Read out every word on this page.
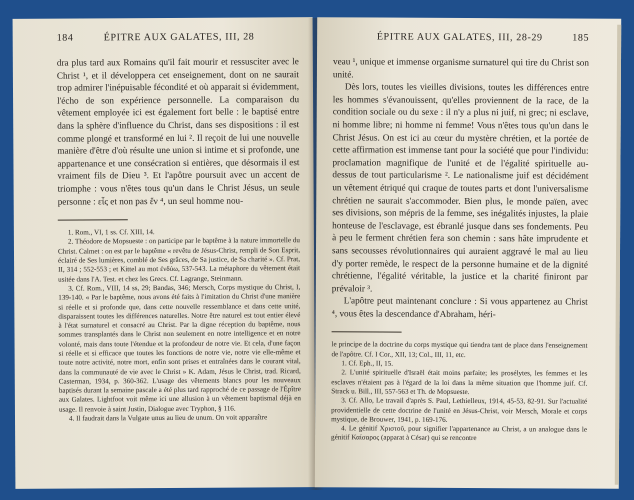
184	ÉPITRE AUX GALATES, III, 28

dra plus tard aux Romains qu'il fait mourir et ressusciter avec le Christ ¹, et il développera cet enseignement, dont on ne saurait trop admirer l'inépuisable fécondité et où apparait si évidemment, l'écho de son expérience personnelle. La comparaison du vêtement employée ici est également fort belle : le baptisé entre dans la sphère d'influence du Christ, dans ses dispositions : il est comme plongé et transformé en lui ². Il reçoit de lui une nouvelle manière d'être d'où résulte une union si intime et si profonde, une appartenance et une consécration si entières, que désormais il est vraiment fils de Dieu ³. Et l'apôtre poursuit avec un accent de triomphe : vous n'êtes tous qu'un dans le Christ Jésus, un seule personne : εἷς et non pas ἕν ⁴, un seul homme nou-

1. Rom., VI, 1 ss. Cf. XIII, 14.

2. Théodore de Mopsueste : on participe par le baptême à la nature immortelle du Christ. Calmet : on est par le baptême « revêtu de Jésus-Christ, rempli de Son Esprit, éclairé de Ses lumières, comblé de Ses grâces, de Sa justice, de Sa charité ». Cf. Prat, II, 314 ; 552-553 ; et Kittel au mot ἐνδύω, 537-543. La métaphore du vêtement était usitée dans l'A. Test. et chez les Grecs. Cf. Lagrange, Steinmann.

3. Cf. Rom., VIII, 14 ss, 29; Bandas, 346; Mersch, Corps mystique du Christ, I, 139-140. « Par le baptême, nous avons été faits à l'imitation du Christ d'une manière si réelle et si profonde que, dans cette nouvelle ressemblance et dans cette unité, disparaissent toutes les différences naturelles. Notre être naturel est tout entier élevé à l'état surnaturel et consacré au Christ. Par la digne réception du baptême, nous sommes transplantés dans le Christ non seulement en notre intelligence et en notre volonté, mais dans toute l'étendue et la profondeur de notre vie. Et cela, d'une façon si réelle et si efficace que toutes les fonctions de notre vie, notre vie elle-même et toute notre activité, notre mort, enfin sont prises et entraînées dans le courant vital, dans la communauté de vie avec le Christ » K. Adam, Jésus le Christ, trad. Ricard, Casterman, 1934, p. 360-362. L'usage des vêtements blancs pour les nouveaux baptisés durant la semaine pascale a été plus tard rapproché de ce passage de l'Épître aux Galates. Lightfoot voit même ici une allusion à un vêtement baptismal déjà en usage. Il renvoie à saint Justin, Dialogue avec Tryphon, § 116.

4. Il faudrait dans la Vulgate unus au lieu de unum. On voit apparaître

ÉPITRE AUX GALATES, III, 28-29	185

veau ¹, unique et immense organisme surnaturel qui tire du Christ son unité.

Dès lors, toutes les vieilles divisions, toutes les différences entre les hommes s'évanouissent, qu'elles proviennent de la race, de la condition sociale ou du sexe : il n'y a plus ni juif, ni grec; ni esclave, ni homme libre; ni homme ni femme! Vous n'êtes tous qu'un dans le Christ Jésus. On est ici au cœur du mystère chrétien, et la portée de cette affirmation est immense tant pour la société que pour l'individu: proclamation magnifique de l'unité et de l'égalité spirituelle au-dessus de tout particularisme ². Le nationalisme juif est décidément un vêtement étriqué qui craque de toutes parts et dont l'universalisme chrétien ne saurait s'accommoder. Bien plus, le monde païen, avec ses divisions, son mépris de la femme, ses inégalités injustes, la plaie honteuse de l'esclavage, est ébranlé jusque dans ses fondements. Peu à peu le ferment chrétien fera son chemin : sans hâte imprudente et sans secousses révolutionnaires qui auraient aggravé le mal au lieu d'y porter remède, le respect de la personne humaine et de la dignité chrétienne, l'égalité véritable, la justice et la charité finiront par prévaloir ³.

L'apôtre peut maintenant conclure : Si vous appartenez au Christ ⁴, vous êtes la descendance d'Abraham, héri-

le principe de la doctrine du corps mystique qui tiendra tant de place dans l'enseignement de l'apôtre. Cf. I Cor., XII, 13; Col., III, 11, etc.

1. Cf. Eph., II, 15.

2. L'unité spirituelle d'Israël était moins parfaite; les prosélytes, les femmes et les esclaves n'étaient pas à l'égard de la loi dans la même situation que l'homme juif. Cf. Strack u. Bill., III, 557-563 et Th. de Mopsueste.

3. Cf. Allo, Le travail d'après S. Paul, Lethielleux, 1914, 45-53, 82-91. Sur l'actualité providentielle de cette doctrine de l'unité en Jésus-Christ, voir Mersch, Morale et corps mystique, de Brouwer, 1941, p. 169-176.

4. Le génitif Χριστοῦ, pour signifier l'appartenance au Christ, a un analogue dans le génitif Καίσαρος (apparat à César) qui se rencontre
